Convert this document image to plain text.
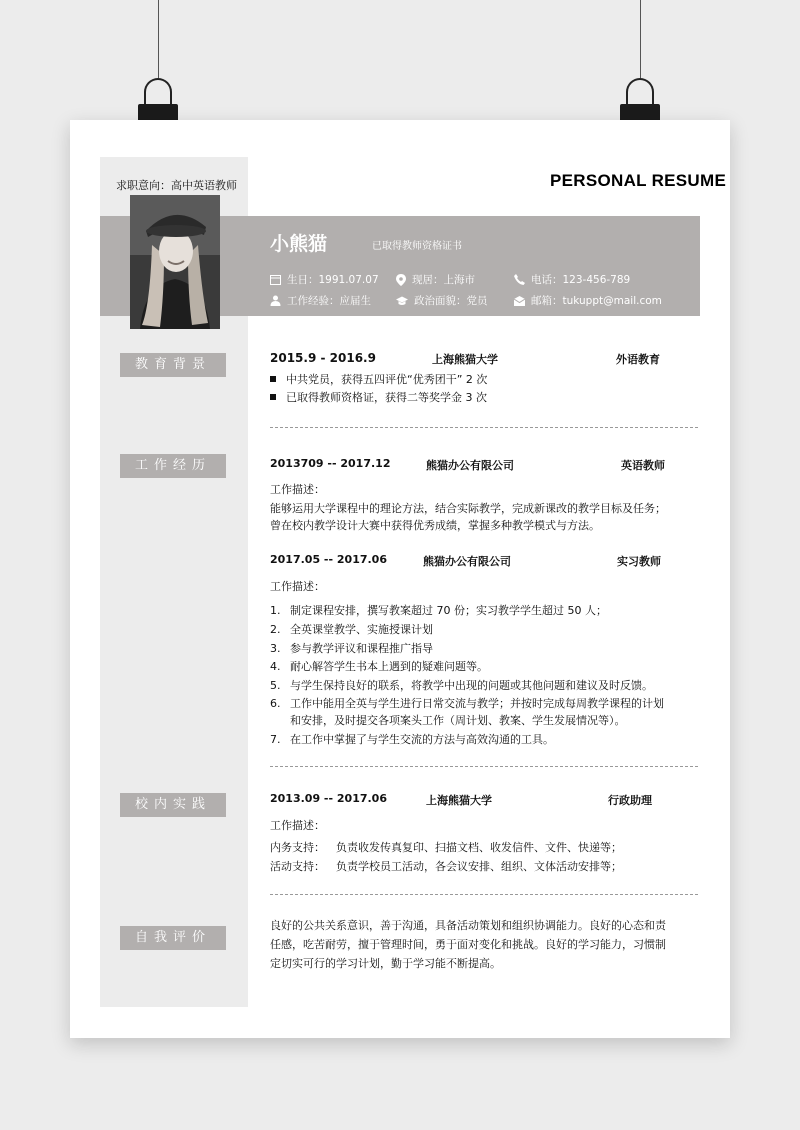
求职意向：高中英语教师	PERSONAL RESUME
小熊猫	已取得教师资格证书
生日：1991.07.07	现居：上海市	电话：123-456-789
工作经验：应届生	政治面貌：党员	邮箱：tukuppt@mail.com
教育背景
工作经历
校内实践
自我评价
2015.9 - 2016.9	上海熊猫大学	外语教育
中共党员，获得五四评优“优秀团干” 2 次
已取得教师资格证，获得二等奖学金 3 次
2013709 -- 2017.12	熊猫办公有限公司	英语教师
工作描述：
能够运用大学课程中的理论方法，结合实际教学，完成新课改的教学目标及任务；
曾在校内教学设计大赛中获得优秀成绩，掌握多种教学模式与方法。
2017.05 -- 2017.06	熊猫办公有限公司	实习教师
工作描述：
1. 制定课程安排，撰写教案超过 70 份；实习教学学生超过 50 人；
2. 全英课堂教学、实施授课计划
3. 参与教学评议和课程推广指导
4. 耐心解答学生书本上遇到的疑难问题等。
5. 与学生保持良好的联系，将教学中出现的问题或其他问题和建议及时反馈。
6. 工作中能用全英与学生进行日常交流与教学；并按时完成每周教学课程的计划
和安排，及时提交各项案头工作（周计划、教案、学生发展情况等）。
7. 在工作中掌握了与学生交流的方法与高效沟通的工具。
2013.09 -- 2017.06	上海熊猫大学	行政助理
工作描述：
内务支持： 负责收发传真复印、扫描文档、收发信件、文件、快递等；
活动支持： 负责学校员工活动，各会议安排、组织、文体活动安排等；
良好的公共关系意识，善于沟通，具备活动策划和组织协调能力。良好的心态和责
任感，吃苦耐劳，擅于管理时间，勇于面对变化和挑战。良好的学习能力，习惯制
定切实可行的学习计划，勤于学习能不断提高。
